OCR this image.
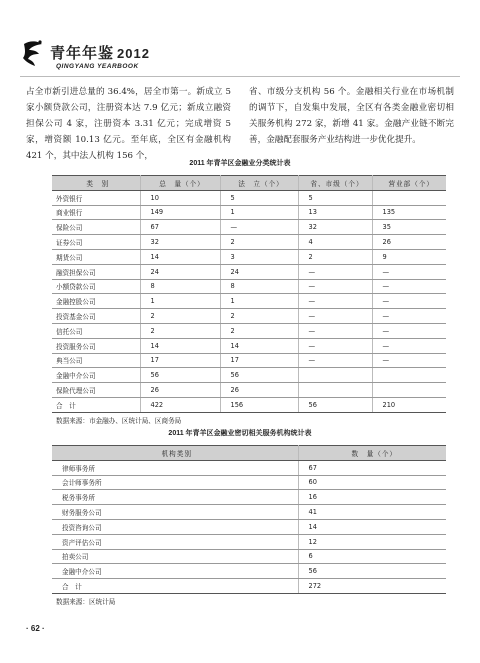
青年年鉴 2012
QINGYANG YEARBOOK

占全市新引进总量的 36.4%，居全市第一。新成立 5 家小额贷款公司，注册资本达 7.9 亿元；新成立融资担保公司 4 家，注册资本 3.31 亿元；完成增资 5 家，增资额 10.13 亿元。至年底，全区有金融机构 421 个，其中法人机构 156 个，

省、市级分支机构 56 个。金融相关行业在市场机制的调节下，自发集中发展，全区有各类金融业密切相关服务机构 272 家，新增 41 家。金融产业链不断完善，金融配套服务产业结构进一步优化提升。

2011 年青羊区金融业分类统计表
类　别	总　量（个）	法　立（个）	省、市级（个）	营业部（个）
外资银行	10	5	5	
商业银行	149	1	13	135
保险公司	67	—	32	35
证券公司	32	2	4	26
期货公司	14	3	2	9
融资担保公司	24	24	—	—
小额贷款公司	8	8	—	—
金融控股公司	1	1	—	—
投资基金公司	2	2	—	—
信托公司	2	2	—	—
投资服务公司	14	14	—	—
典当公司	17	17	—	—
金融中介公司	56	56		
保险代理公司	26	26		
合　计	422	156	56	210
数据来源：市金融办、区统计局、区商务局				
2011 年青羊区金融业密切相关服务机构统计表
机构类别	数　量（个）
律师事务所	67
会计师事务所	60
税务事务所	16
财务服务公司	41
投资咨询公司	14
资产评估公司	12
拍卖公司	6
金融中介公司	56
合　计	272
数据来源：区统计局	
· 62 ·
